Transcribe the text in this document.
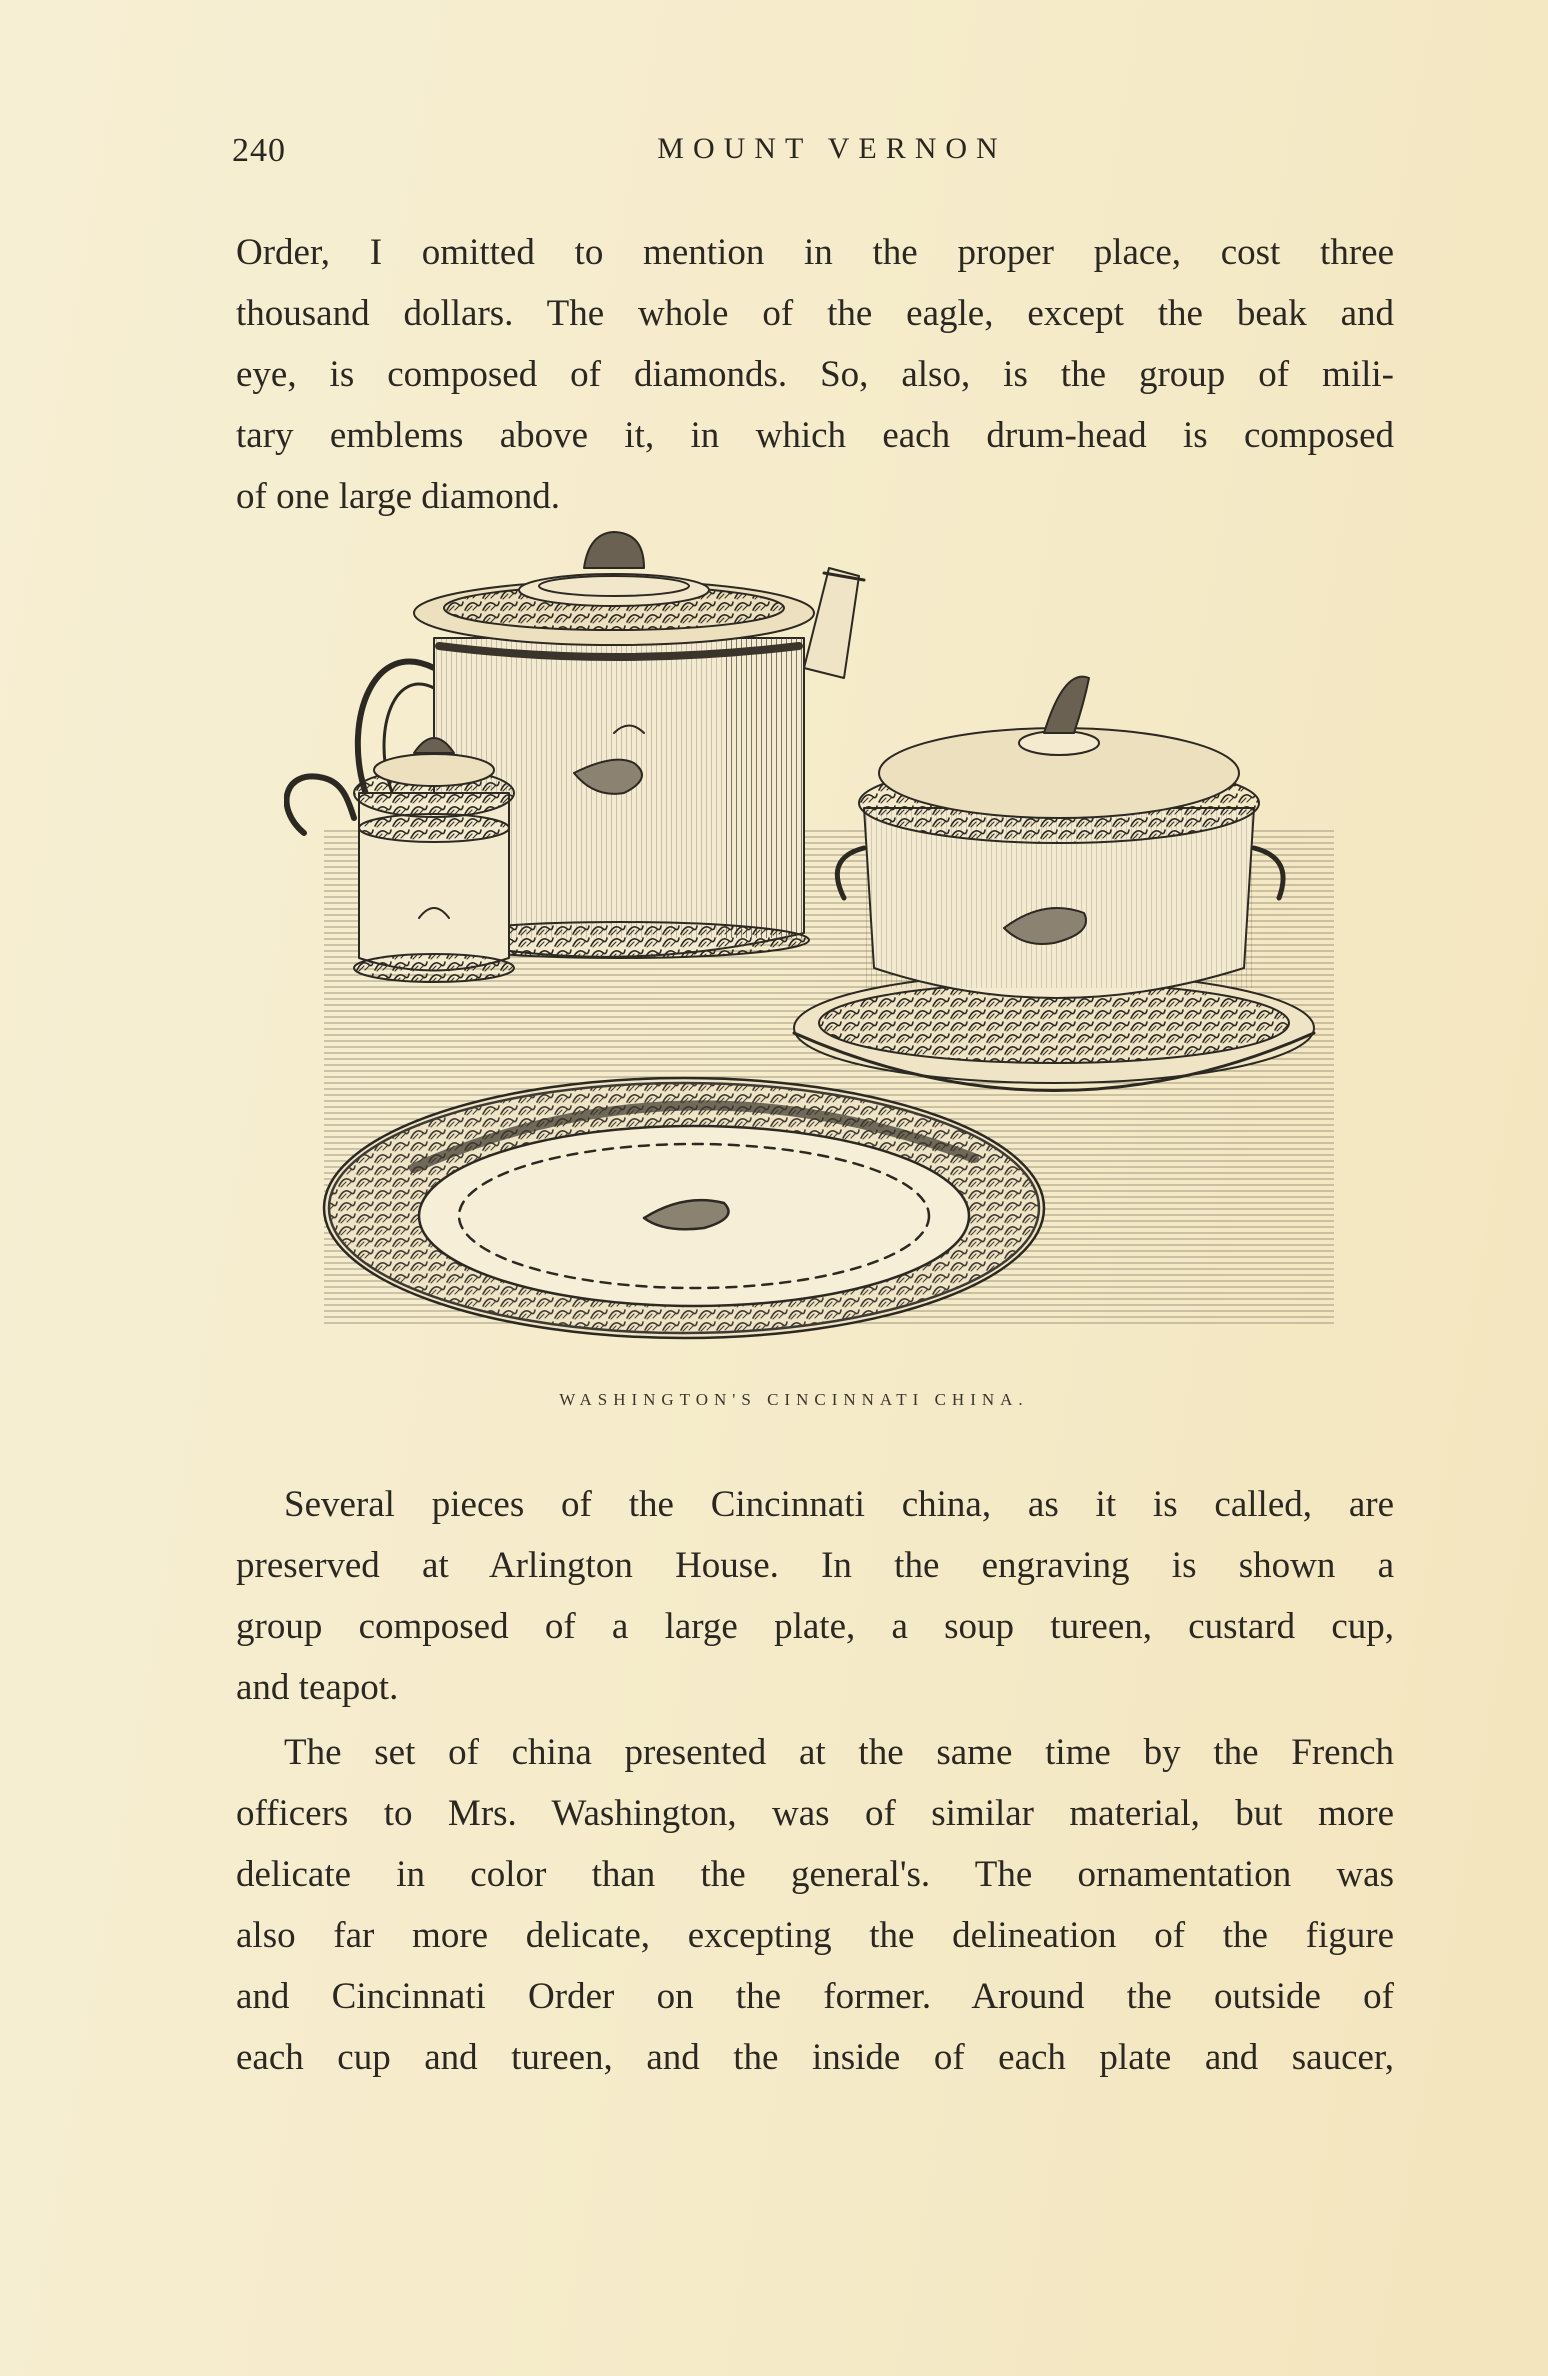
240	MOUNT VERNON
Order, I omitted to mention in the proper place, cost three
thousand dollars. The whole of the eagle, except the beak and
eye, is composed of diamonds. So, also, is the group of mili-
tary emblems above it, in which each drum-head is composed
of one large diamond.
WASHINGTON'S CINCINNATI CHINA.
Several pieces of the Cincinnati china, as it is called, are
preserved at Arlington House. In the engraving is shown a
group composed of a large plate, a soup tureen, custard cup,
and teapot.
The set of china presented at the same time by the French
officers to Mrs. Washington, was of similar material, but more
delicate in color than the general's. The ornamentation was
also far more delicate, excepting the delineation of the figure
and Cincinnati Order on the former. Around the outside of
each cup and tureen, and the inside of each plate and saucer,
